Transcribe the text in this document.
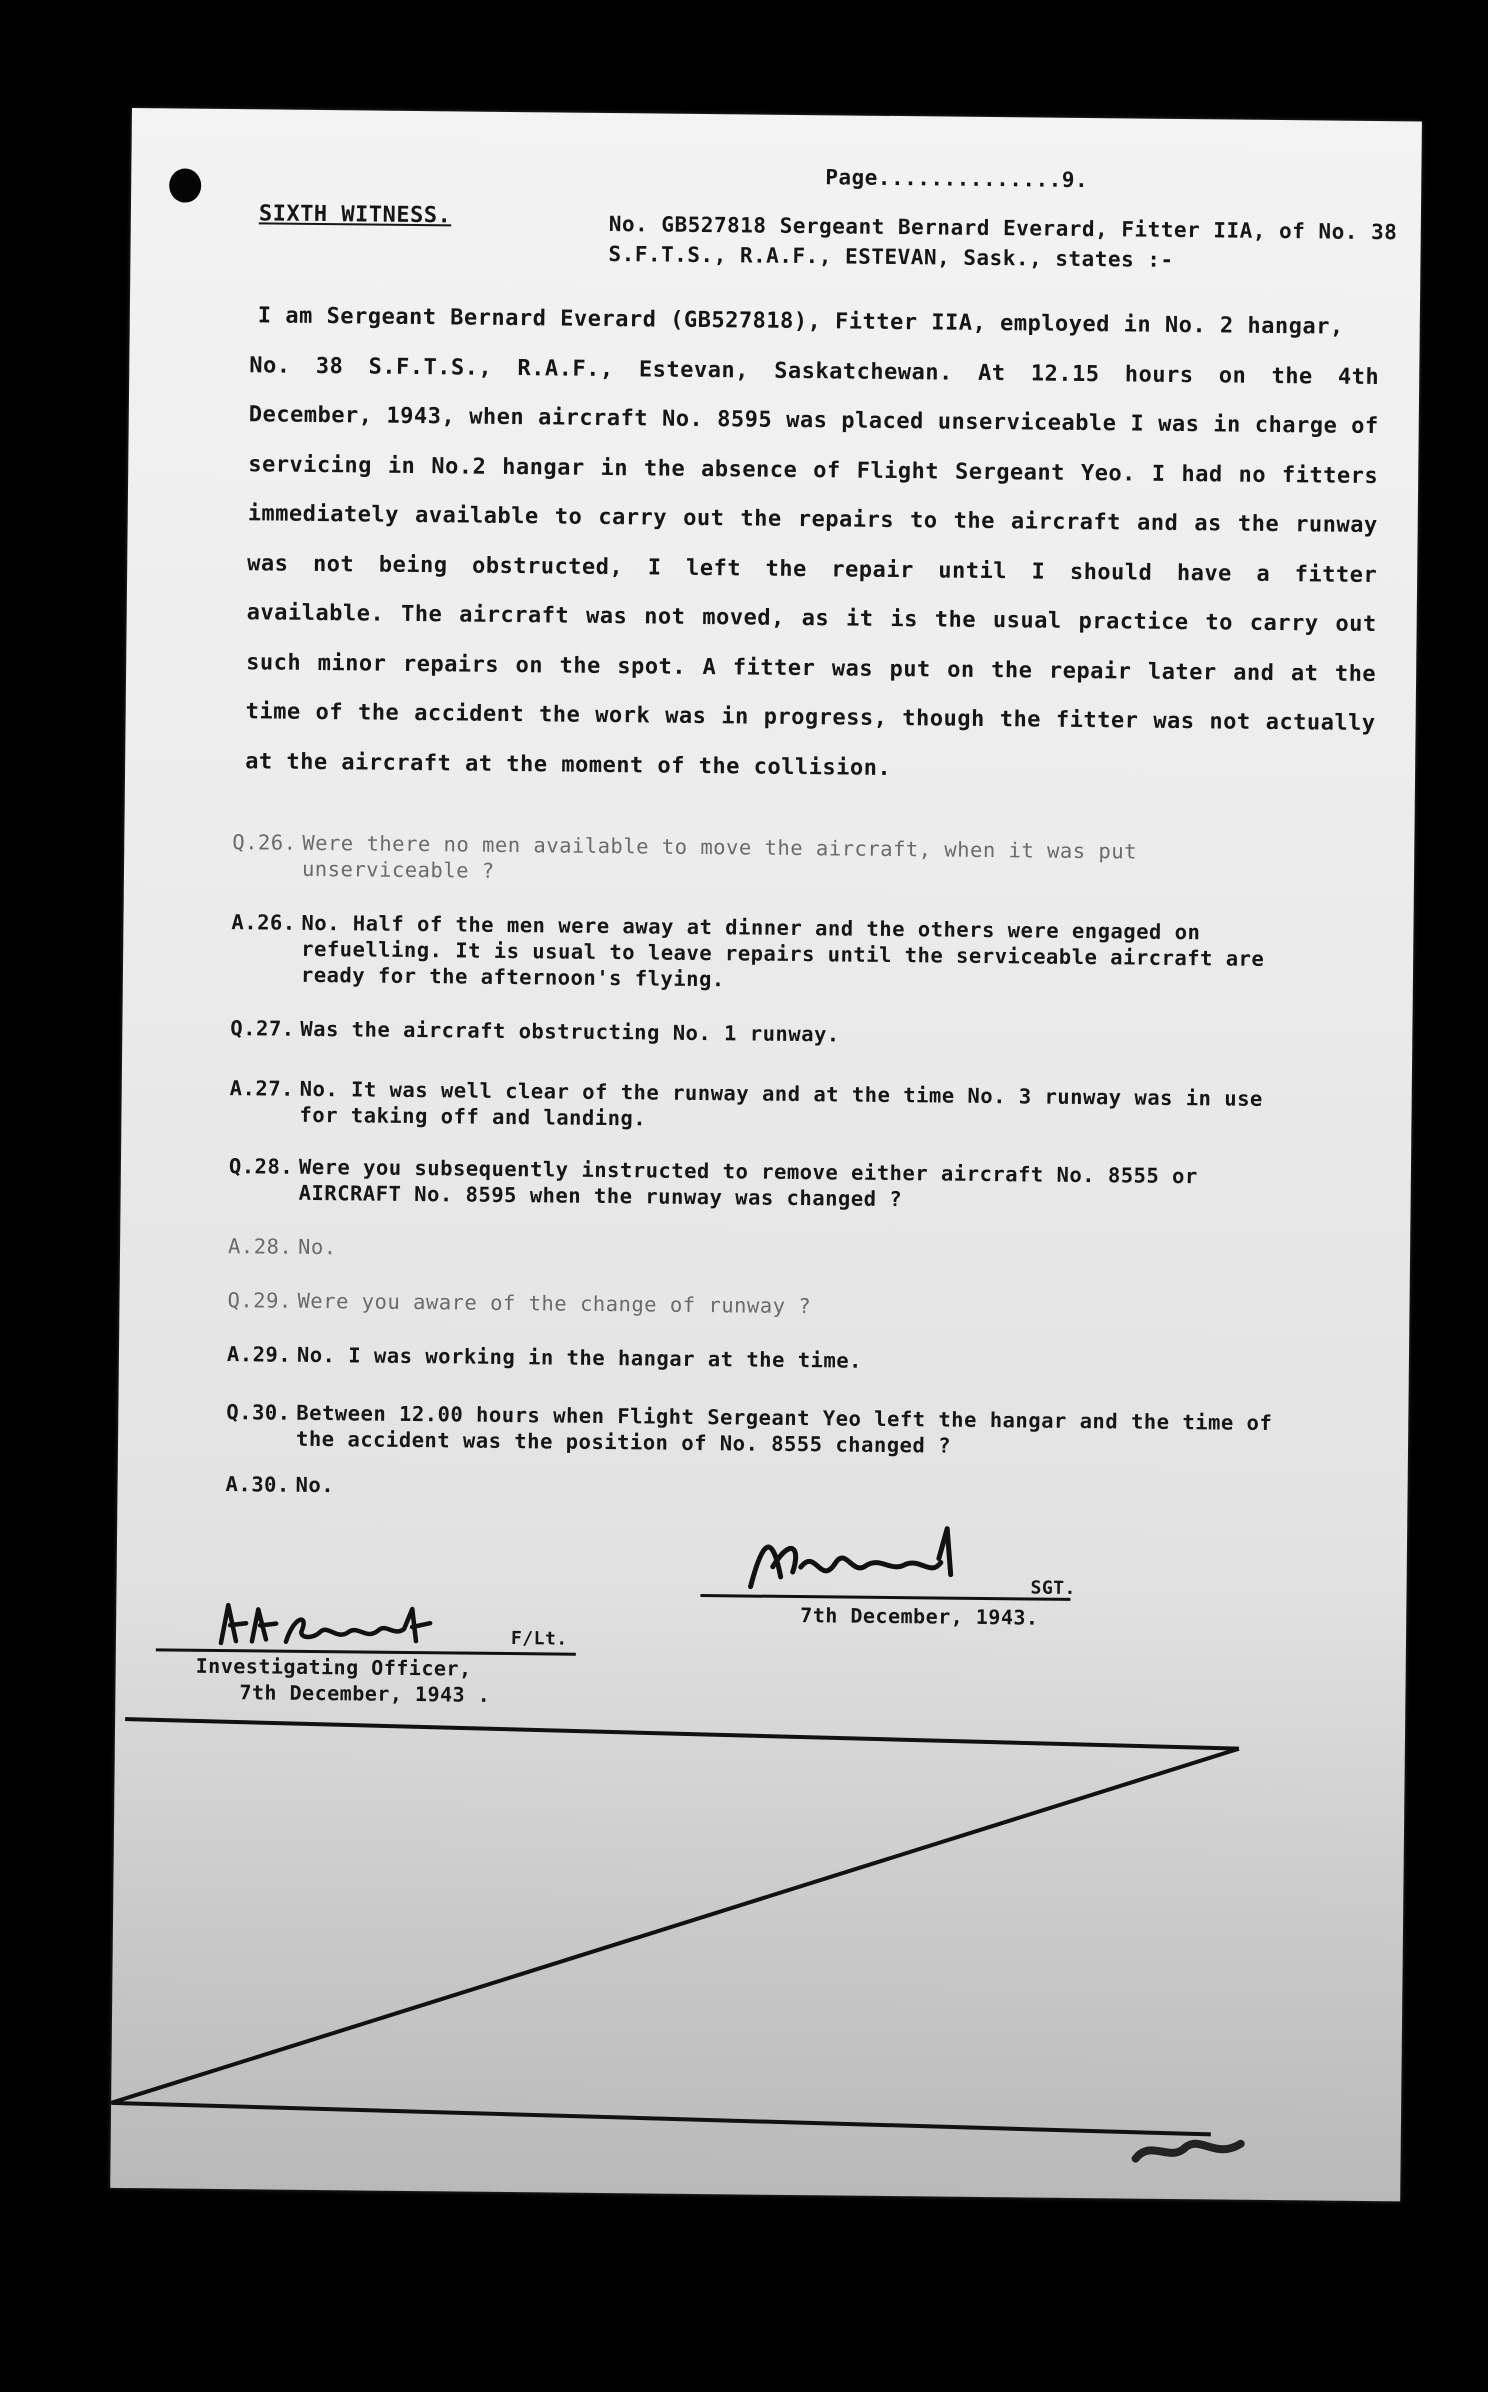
Page..............9.
SIXTH WITNESS.	No. GB527818 Sergeant Bernard Everard, Fitter IIA, of No. 38 S.F.T.S., R.A.F., ESTEVAN, Sask., states :-
I am Sergeant Bernard Everard (GB527818), Fitter IIA, employed in No. 2 hangar,
No. 38 S.F.T.S., R.A.F., Estevan, Saskatchewan. At 12.15 hours on the 4th December, 1943, when aircraft No. 8595 was placed unserviceable I was in charge of servicing in No.2 hangar in the absence of Flight Sergeant Yeo. I had no fitters immediately available to carry out the repairs to the aircraft and as the runway was not being obstructed, I left the repair until I should have a fitter available. The aircraft was not moved, as it is the usual practice to carry out such minor repairs on the spot. A fitter was put on the repair later and at the time of the accident the work was in progress, though the fitter was not actually at the aircraft at the moment of the collision.
Q.26. Were there no men available to move the aircraft, when it was put unserviceable ?
A.26. No. Half of the men were away at dinner and the others were engaged on refuelling. It is usual to leave repairs until the serviceable aircraft are ready for the afternoon's flying.
Q.27. Was the aircraft obstructing No. 1 runway.
A.27. No. It was well clear of the runway and at the time No. 3 runway was in use for taking off and landing.
Q.28. Were you subsequently instructed to remove either aircraft No. 8555 or AIRCRAFT No. 8595 when the runway was changed ?
A.28. No.
Q.29. Were you aware of the change of runway ?
A.29. No. I was working in the hangar at the time.
Q.30. Between 12.00 hours when Flight Sergeant Yeo left the hangar and the time of the accident was the position of No. 8555 changed ?
A.30. No.
SGT.
7th December, 1943.
F/Lt.
Investigating Officer,
7th December, 1943 .
